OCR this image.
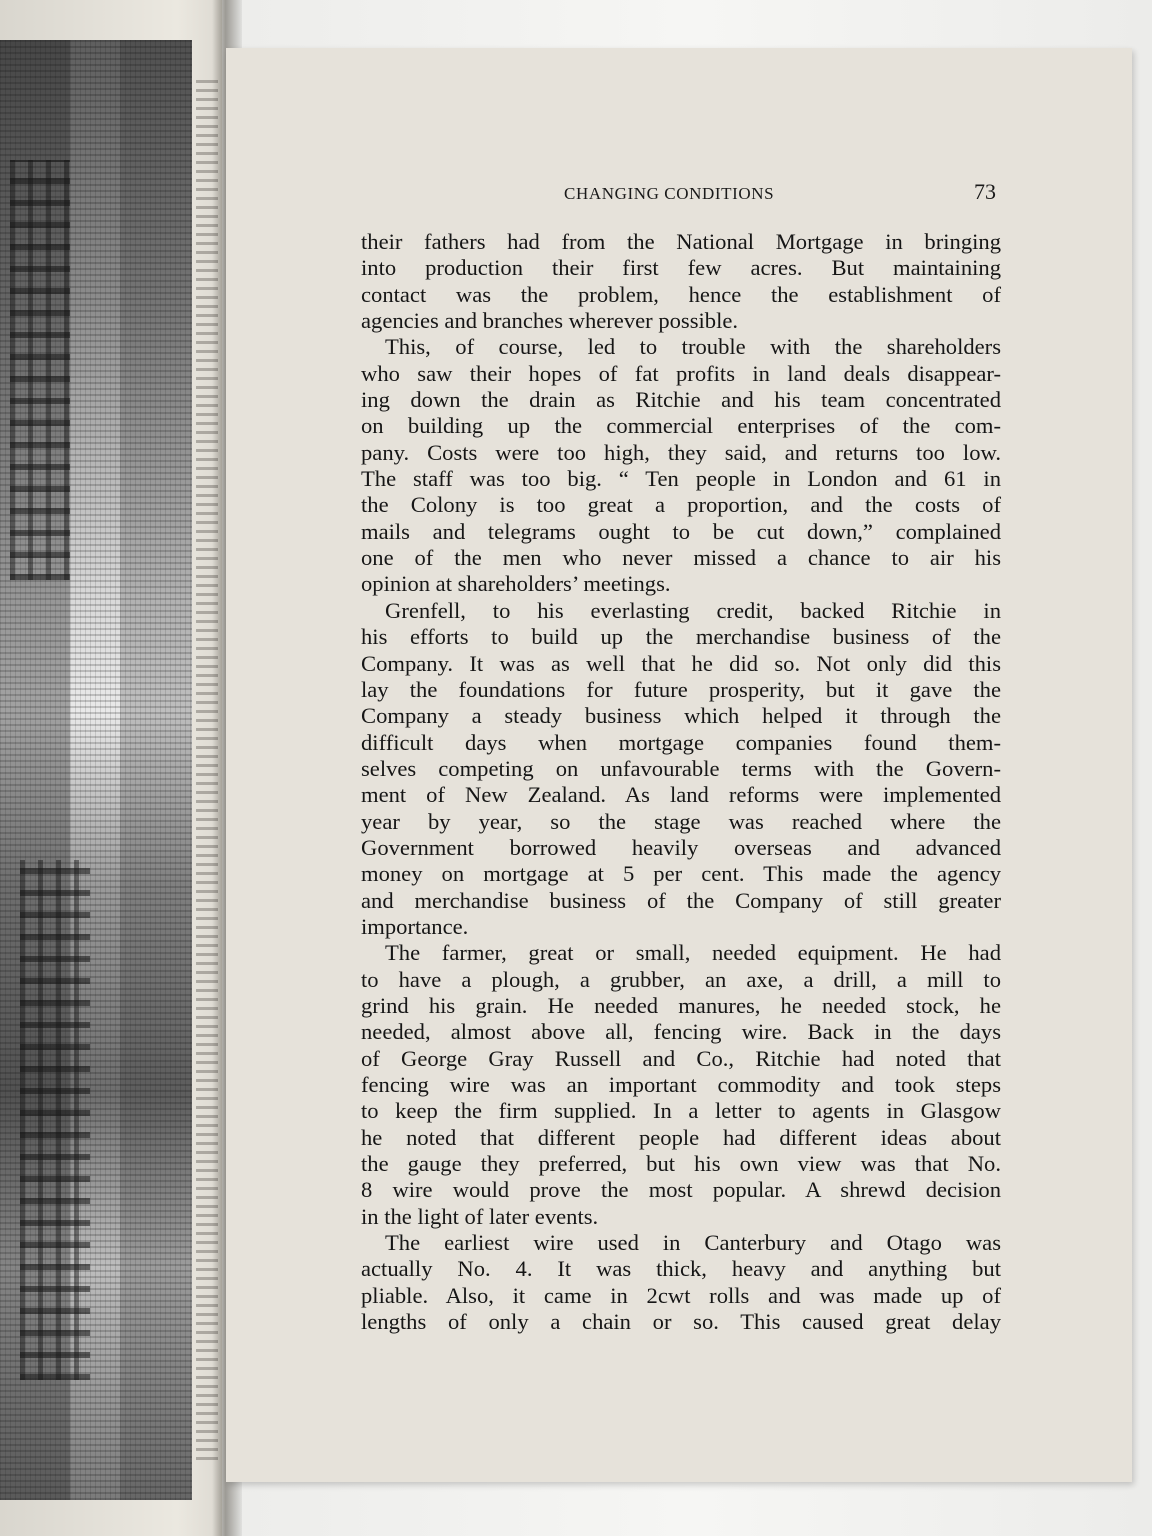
CHANGING CONDITIONS	73
their fathers had from the National Mortgage in bringing
into production their first few acres. But maintaining
contact was the problem, hence the establishment of
agencies and branches wherever possible.
This, of course, led to trouble with the shareholders
who saw their hopes of fat profits in land deals disappear-
ing down the drain as Ritchie and his team concentrated
on building up the commercial enterprises of the com-
pany. Costs were too high, they said, and returns too low.
The staff was too big. “ Ten people in London and 61 in
the Colony is too great a proportion, and the costs of
mails and telegrams ought to be cut down,” complained
one of the men who never missed a chance to air his
opinion at shareholders’ meetings.
Grenfell, to his everlasting credit, backed Ritchie in
his efforts to build up the merchandise business of the
Company. It was as well that he did so. Not only did this
lay the foundations for future prosperity, but it gave the
Company a steady business which helped it through the
difficult days when mortgage companies found them-
selves competing on unfavourable terms with the Govern-
ment of New Zealand. As land reforms were implemented
year by year, so the stage was reached where the
Government borrowed heavily overseas and advanced
money on mortgage at 5 per cent. This made the agency
and merchandise business of the Company of still greater
importance.
The farmer, great or small, needed equipment. He had
to have a plough, a grubber, an axe, a drill, a mill to
grind his grain. He needed manures, he needed stock, he
needed, almost above all, fencing wire. Back in the days
of George Gray Russell and Co., Ritchie had noted that
fencing wire was an important commodity and took steps
to keep the firm supplied. In a letter to agents in Glasgow
he noted that different people had different ideas about
the gauge they preferred, but his own view was that No.
8 wire would prove the most popular. A shrewd decision
in the light of later events.
The earliest wire used in Canterbury and Otago was
actually No. 4. It was thick, heavy and anything but
pliable. Also, it came in 2cwt rolls and was made up of
lengths of only a chain or so. This caused great delay
